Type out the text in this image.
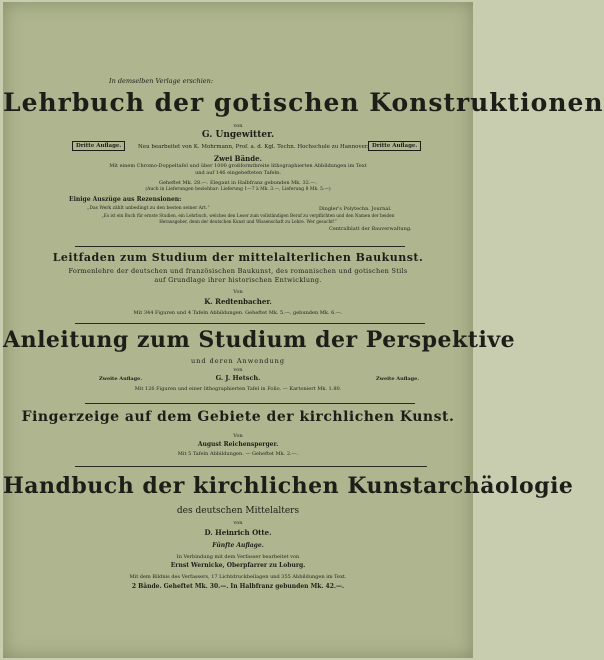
In demselben Verlage erschien:
Lehrbuch der gotischen Konstruktionen
von
G. Ungewitter.
Dritte Auflage.	Dritte Auflage.
Neu bearbeitet von K. Mohrmann, Prof. a. d. Kgl. Techn. Hochschule zu Hannover.
Zwei Bände.
Mit einem Chromo-Doppeltafel und über 1000 großformtbreite lithographierten Abbildungen im Text
und auf 146 eingehefteten Tafeln.
Geheftet Mk. 28.—. Elegant in Halbfranz gebunden Mk. 32.—.
(Auch in Lieferungen beziehbar: Lieferung 1—7 à Mk. 3.—, Lieferung 8 Mk. 5.—)
Einige Auszüge aus Rezensionen:
„Das Werk zählt unbedingt zu den besten seiner Art.“	Dingler's Polytechn. Journal.
„Es ist ein Buch für ernste Studien, ein Lehrbuch, welches den Leser zum vollständigen Beruf zu verpflichten und den Namen der beiden Herausgeber, denn der deutschen Kunst und Wissenschaft zu Lehre. Wer gesucht!“
Centralblatt der Bauverwaltung.
Leitfaden zum Studium der mittelalterlichen Baukunst.
Formenlehre der deutschen und französischen Baukunst, des romanischen und gotischen Stils
auf Grundlage ihrer historischen Entwicklung.
Von
K. Redtenbacher.
Mit 344 Figuren und 4 Tafeln Abbildungen. Geheftet Mk. 5.—, gebunden Mk. 6.—.
Anleitung zum Studium der Perspektive
und deren Anwendung
von
G. J. Hetsch.
Zweite Auflage.	Zweite Auflage.
Mit 126 Figuren und einer lithographierten Tafel in Folio. — Kartoniert Mk. 1.80.
Fingerzeige auf dem Gebiete der kirchlichen Kunst.
Von
August Reichensperger.
Mit 5 Tafeln Abbildungen. — Geheftet Mk. 2.—.
Handbuch der kirchlichen Kunstarchäologie
des deutschen Mittelalters
von
D. Heinrich Otte.
Fünfte Auflage.
In Verbindung mit dem Verfasser bearbeitet von
Ernst Wernicke, Oberpfarrer zu Loburg.
Mit dem Bildnis des Verfassers, 17 Lichtdruckbeilagen und 355 Abbildungen im Text.
2 Bände. Geheftet Mk. 30.—. In Halbfranz gebunden Mk. 42.—.
